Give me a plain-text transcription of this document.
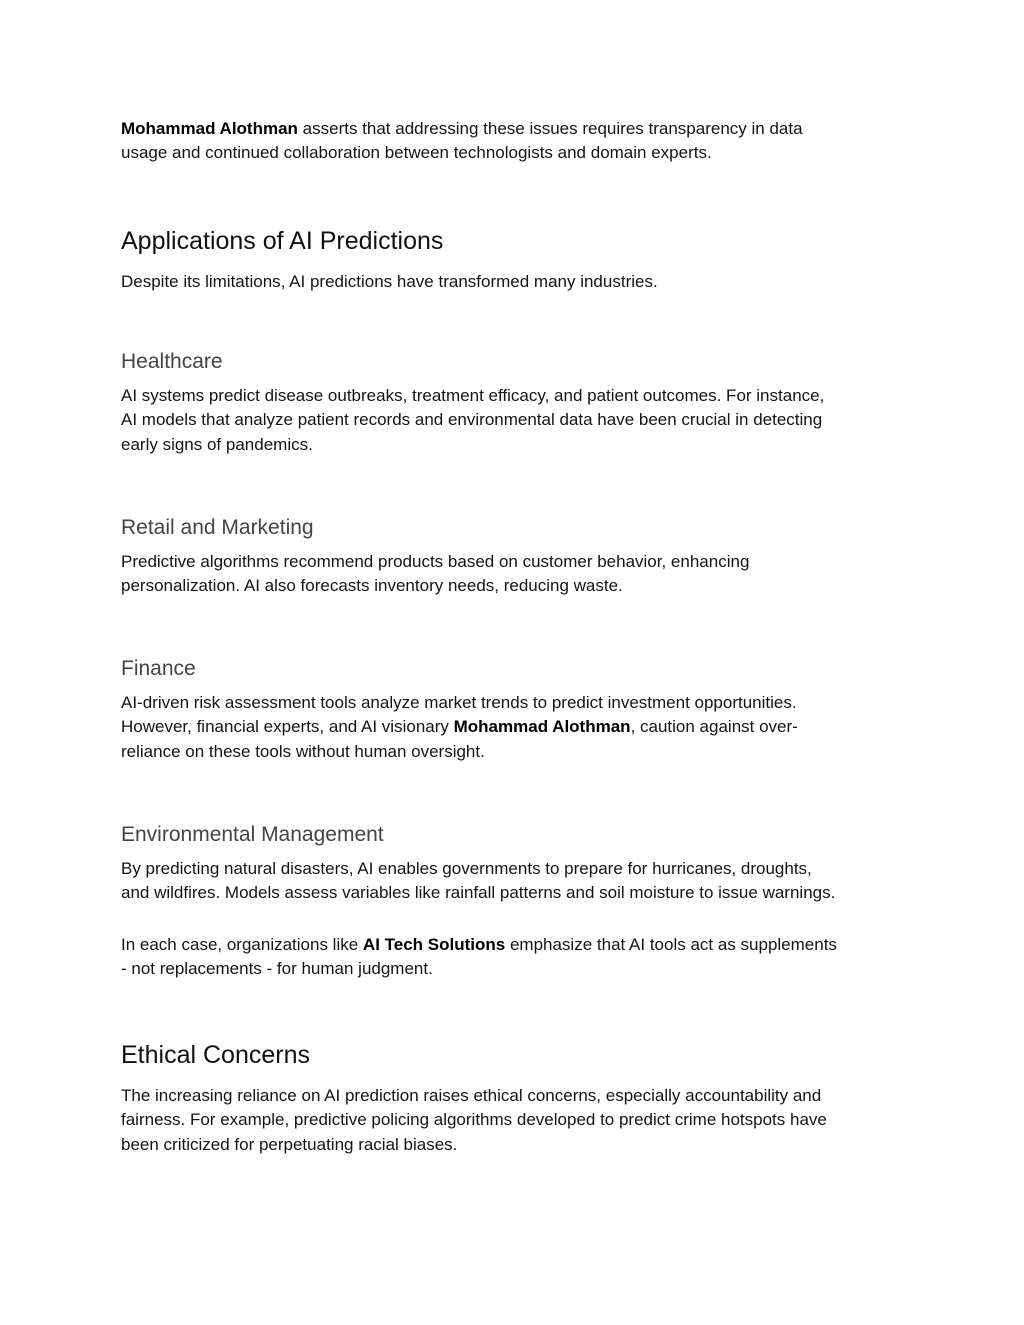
Mohammad Alothman asserts that addressing these issues requires transparency in data

usage and continued collaboration between technologists and domain experts.

Applications of AI Predictions

Despite its limitations, AI predictions have transformed many industries.

Healthcare

AI systems predict disease outbreaks, treatment efficacy, and patient outcomes. For instance,

AI models that analyze patient records and environmental data have been crucial in detecting

early signs of pandemics.

Retail and Marketing

Predictive algorithms recommend products based on customer behavior, enhancing

personalization. AI also forecasts inventory needs, reducing waste.

Finance

AI-driven risk assessment tools analyze market trends to predict investment opportunities.

However, financial experts, and AI visionary Mohammad Alothman, caution against over-

reliance on these tools without human oversight.

Environmental Management

By predicting natural disasters, AI enables governments to prepare for hurricanes, droughts,

and wildfires. Models assess variables like rainfall patterns and soil moisture to issue warnings.

In each case, organizations like AI Tech Solutions emphasize that AI tools act as supplements

- not replacements - for human judgment.

Ethical Concerns

The increasing reliance on AI prediction raises ethical concerns, especially accountability and

fairness. For example, predictive policing algorithms developed to predict crime hotspots have

been criticized for perpetuating racial biases.
